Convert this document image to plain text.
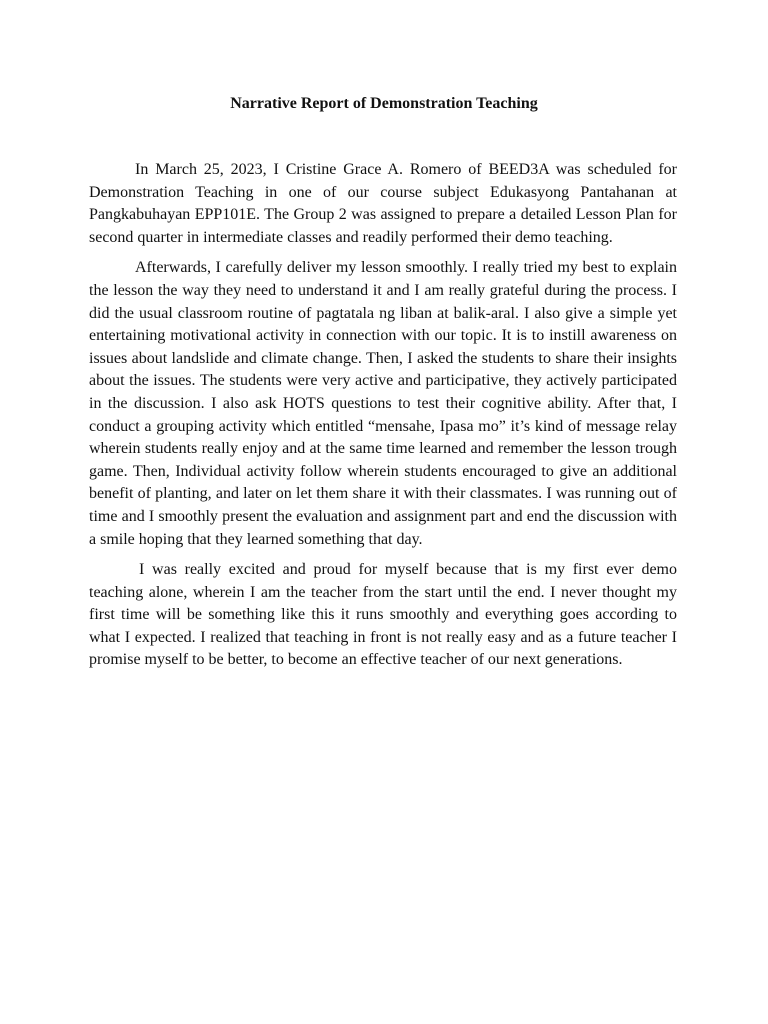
Narrative Report of Demonstration Teaching

In March 25, 2023, I Cristine Grace A. Romero of BEED3A was scheduled for Demonstration Teaching in one of our course subject Edukasyong Pantahanan at Pangkabuhayan EPP101E. The Group 2 was assigned to prepare a detailed Lesson Plan for second quarter in intermediate classes and readily performed their demo teaching.

Afterwards, I carefully deliver my lesson smoothly. I really tried my best to explain the lesson the way they need to understand it and I am really grateful during the process. I did the usual classroom routine of pagtatala ng liban at balik-aral. I also give a simple yet entertaining motivational activity in connection with our topic. It is to instill awareness on issues about landslide and climate change. Then, I asked the students to share their insights about the issues. The students were very active and participative, they actively participated in the discussion. I also ask HOTS questions to test their cognitive ability. After that, I conduct a grouping activity which entitled “mensahe, Ipasa mo” it’s kind of message relay wherein students really enjoy and at the same time learned and remember the lesson trough game. Then, Individual activity follow wherein students encouraged to give an additional benefit of planting, and later on let them share it with their classmates. I was running out of time and I smoothly present the evaluation and assignment part and end the discussion with a smile hoping that they learned something that day.

I was really excited and proud for myself because that is my first ever demo teaching alone, wherein I am the teacher from the start until the end. I never thought my first time will be something like this it runs smoothly and everything goes according to what I expected. I realized that teaching in front is not really easy and as a future teacher I promise myself to be better, to become an effective teacher of our next generations.
